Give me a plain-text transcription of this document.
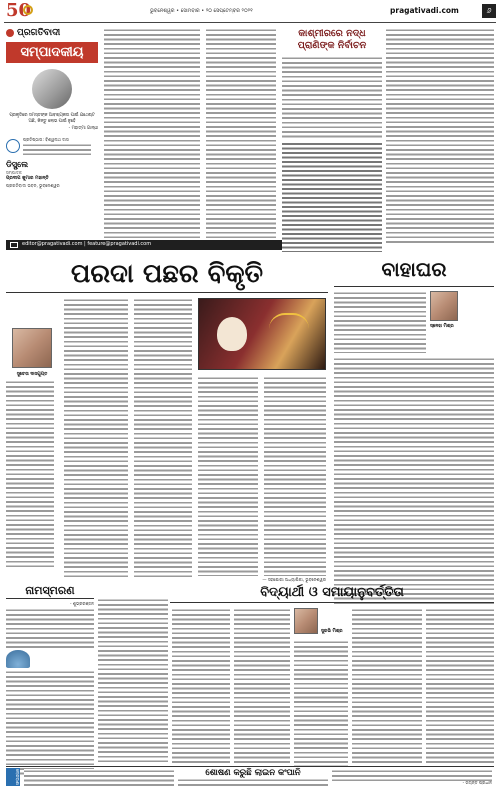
50	ଭୁବନେଶ୍ୱର • ସୋମବାର • ୨୦ ସେପ୍ଟେମ୍ବର ୨୦୨୧	pragativadi.com	୬
ପ୍ରଗତିବାଦୀ
ସମ୍ପାଦକୀୟ
ପ୍ରକୃତିରେ ସମସ୍ତଙ୍କ ଆବଶ୍ୟକତା ପାଇଁ ଯଥେଷ୍ଟ ଅଛି, କିନ୍ତୁ ଲୋଭ ପାଇଁ ନୁହେଁ
- ମହାତ୍ମା ଗାନ୍ଧୀ
ପ୍ରତିଷ୍ଠାତା: ବିଶ୍ୱନାଥ ଦାସ
ଡିସ୍ପ୍ଲେ
ସମ୍ପାଦକ
ପ୍ରଦୀପ କୁମାର ମହାନ୍ତି
ପ୍ରଗତିବାଦୀ ଭବନ, ଭୁବନେଶ୍ୱର
editor@pragativadi.com | feature@pragativadi.com
କାଶ୍ମୀରରେ ନଦ୍ଧ ପ୍ରାଣିଙ୍କ ନିର୍ବାଚନ
ପରଦା ପଛର ବିକୃତି
ସୁଚେତା ଦାସଗୁପ୍ତ
— ସହଯୋଗୀ ଅଧ୍ୟାପିକା, ଭୁବନେଶ୍ୱର
ବାହାଘର
ସ୍ନେହା ମିଶ୍ର
ନାମସ୍ମରଣ
- ଶୁଭ୍ରରଞ୍ଜନ
ବିଦ୍ୟାର୍ଥୀ ଓ ସମାୟାନୁବର୍ତ୍ତିତା
ସୁରଭି ମିଶ୍ର
ଲୋକବାଣୀ	ଶୋଷଣ କରୁଛି ଲାଇନ କଂପାନି
- ଜୟନ୍ତ ପ୍ରଧାନ
